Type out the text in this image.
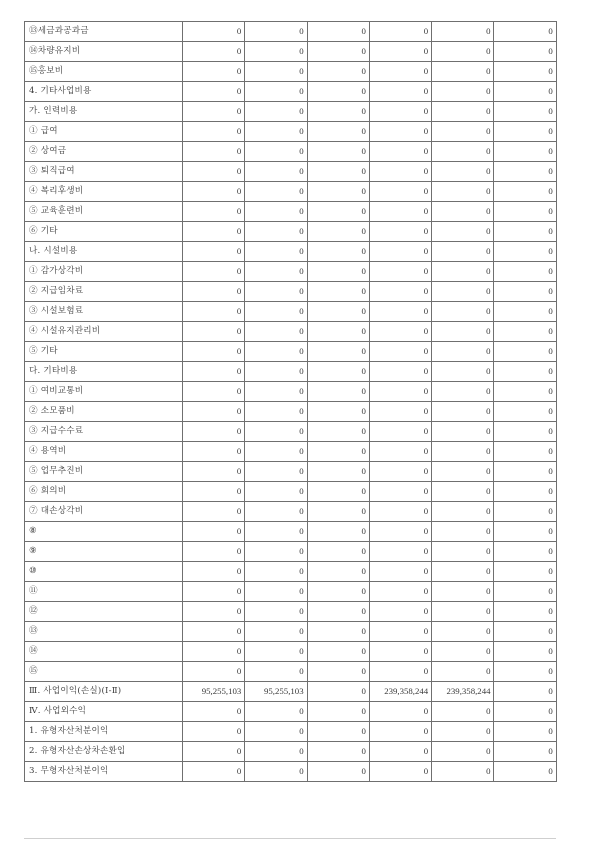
⑬세금과공과금	0	0	0	0	0	0
⑭차량유지비	0	0	0	0	0	0
⑮홍보비	0	0	0	0	0	0
4. 기타사업비용	0	0	0	0	0	0
가. 인력비용	0	0	0	0	0	0
① 급여	0	0	0	0	0	0
② 상여금	0	0	0	0	0	0
③ 퇴직급여	0	0	0	0	0	0
④ 복리후생비	0	0	0	0	0	0
⑤ 교육훈련비	0	0	0	0	0	0
⑥ 기타	0	0	0	0	0	0
나. 시설비용	0	0	0	0	0	0
① 감가상각비	0	0	0	0	0	0
② 지급임차료	0	0	0	0	0	0
③ 시설보험료	0	0	0	0	0	0
④ 시설유지관리비	0	0	0	0	0	0
⑤ 기타	0	0	0	0	0	0
다. 기타비용	0	0	0	0	0	0
① 여비교통비	0	0	0	0	0	0
② 소모품비	0	0	0	0	0	0
③ 지급수수료	0	0	0	0	0	0
④ 용역비	0	0	0	0	0	0
⑤ 업무추진비	0	0	0	0	0	0
⑥ 회의비	0	0	0	0	0	0
⑦ 대손상각비	0	0	0	0	0	0
⑧	0	0	0	0	0	0
⑨	0	0	0	0	0	0
⑩	0	0	0	0	0	0
⑪	0	0	0	0	0	0
⑫	0	0	0	0	0	0
⑬	0	0	0	0	0	0
⑭	0	0	0	0	0	0
⑮	0	0	0	0	0	0
Ⅲ. 사업이익(손실)(Ⅰ-Ⅱ)	95,255,103	95,255,103	0	239,358,244	239,358,244	0
Ⅳ. 사업외수익	0	0	0	0	0	0
1. 유형자산처분이익	0	0	0	0	0	0
2. 유형자산손상차손환입	0	0	0	0	0	0
3. 무형자산처분이익	0	0	0	0	0	0
